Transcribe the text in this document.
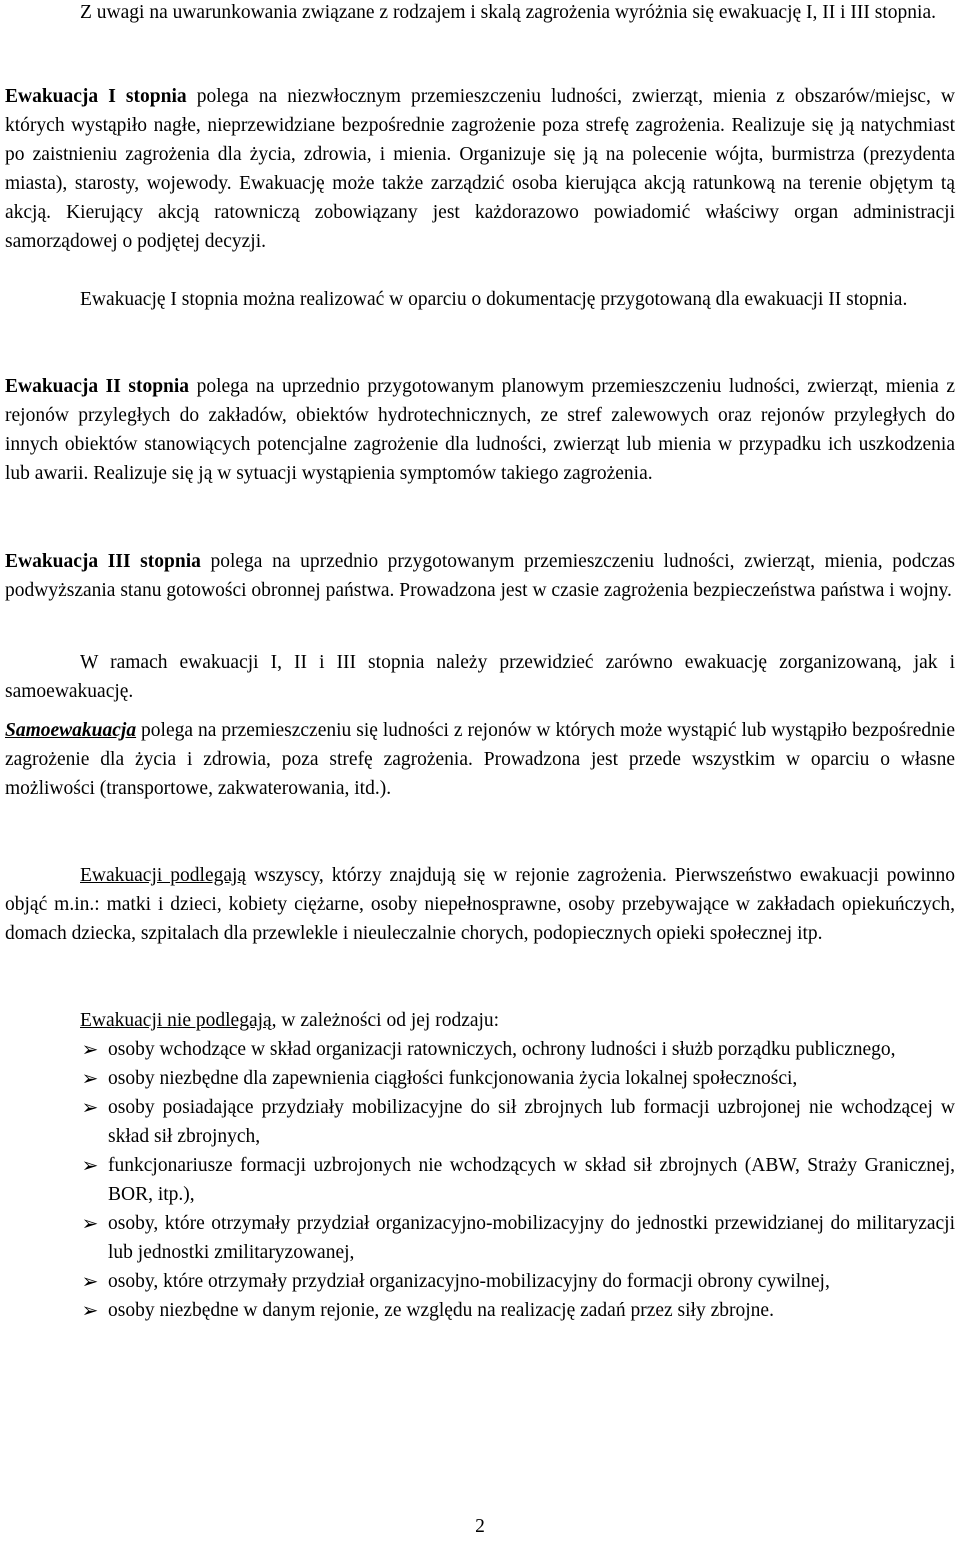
Z uwagi na uwarunkowania związane z rodzajem i skalą zagrożenia wyróżnia się ewakuację I, II i III stopnia.

Ewakuacja I stopnia polega na niezwłocznym przemieszczeniu ludności, zwierząt, mienia z obszarów/miejsc, w których wystąpiło nagłe, nieprzewidziane bezpośrednie zagrożenie poza strefę zagrożenia. Realizuje się ją natychmiast po zaistnieniu zagrożenia dla życia, zdrowia, i mienia. Organizuje się ją na polecenie wójta, burmistrza (prezydenta miasta), starosty, wojewody. Ewakuację może także zarządzić osoba kierująca akcją ratunkową na terenie objętym tą akcją. Kierujący akcją ratowniczą zobowiązany jest każdorazowo powiadomić właściwy organ administracji samorządowej o podjętej decyzji.

Ewakuację I stopnia można realizować w oparciu o dokumentację przygotowaną dla ewakuacji II stopnia.

Ewakuacja II stopnia polega na uprzednio przygotowanym planowym przemieszczeniu ludności, zwierząt, mienia z rejonów przyległych do zakładów, obiektów hydrotechnicznych, ze stref zalewowych oraz rejonów przyległych do innych obiektów stanowiących potencjalne zagrożenie dla ludności, zwierząt lub mienia w przypadku ich uszkodzenia lub awarii. Realizuje się ją w sytuacji wystąpienia symptomów takiego zagrożenia.

Ewakuacja III stopnia polega na uprzednio przygotowanym przemieszczeniu ludności, zwierząt, mienia, podczas podwyższania stanu gotowości obronnej państwa. Prowadzona jest w czasie zagrożenia bezpieczeństwa państwa i wojny.

W ramach ewakuacji I, II i III stopnia należy przewidzieć zarówno ewakuację zorganizowaną, jak i samoewakuację.

Samoewakuacja polega na przemieszczeniu się ludności z rejonów w których może wystąpić lub wystąpiło bezpośrednie zagrożenie dla życia i zdrowia, poza strefę zagrożenia. Prowadzona jest przede wszystkim w oparciu o własne możliwości (transportowe, zakwaterowania, itd.).

Ewakuacji podlegają wszyscy, którzy znajdują się w rejonie zagrożenia. Pierwszeństwo ewakuacji powinno objąć m.in.: matki i dzieci, kobiety ciężarne, osoby niepełnosprawne, osoby przebywające w zakładach opiekuńczych, domach dziecka, szpitalach dla przewlekle i nieuleczalnie chorych, podopiecznych opieki społecznej itp.

Ewakuacji nie podlegają, w zależności od jej rodzaju:

➢ osoby wchodzące w skład organizacji ratowniczych, ochrony ludności i służb porządku publicznego,
➢ osoby niezbędne dla zapewnienia ciągłości funkcjonowania życia lokalnej społeczności,
➢ osoby posiadające przydziały mobilizacyjne do sił zbrojnych lub formacji uzbrojonej nie wchodzącej w skład sił zbrojnych,
➢ funkcjonariusze formacji uzbrojonych nie wchodzących w skład sił zbrojnych (ABW, Straży Granicznej, BOR, itp.),
➢ osoby, które otrzymały przydział organizacyjno-mobilizacyjny do jednostki przewidzianej do militaryzacji lub jednostki zmilitaryzowanej,
➢ osoby, które otrzymały przydział organizacyjno-mobilizacyjny do formacji obrony cywilnej,
➢ osoby niezbędne w danym rejonie, ze względu na realizację zadań przez siły zbrojne.
2
